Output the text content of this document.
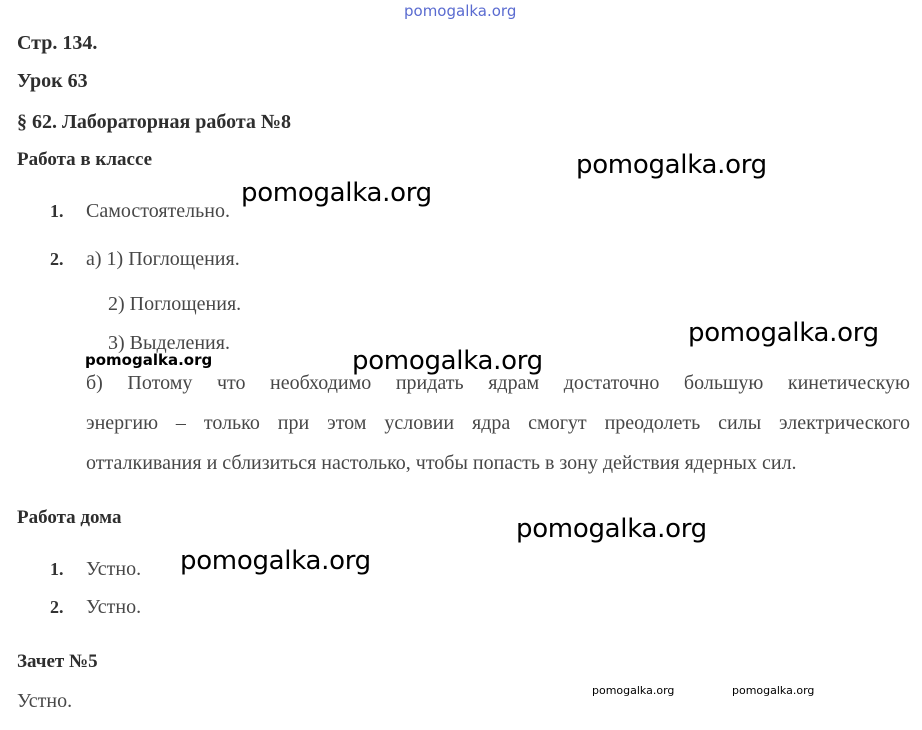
pomogalka.org
pomogalka.org
pomogalka.org
pomogalka.org
pomogalka.org	pomogalka.org
pomogalka.org
pomogalka.org
pomogalka.org	pomogalka.org
Стр. 134.
Урок 63
§ 62. Лабораторная работа №8
Работа в классе
1. Самостоятельно.
2. а) 1) Поглощения.
2) Поглощения.
3) Выделения.
б) Потому что необходимо придать ядрам достаточно большую кинетическую
энергию – только при этом условии ядра смогут преодолеть силы электрического
отталкивания и сблизиться настолько, чтобы попасть в зону действия ядерных сил.
Работа дома
1. Устно.
2. Устно.
Зачет №5
Устно.
